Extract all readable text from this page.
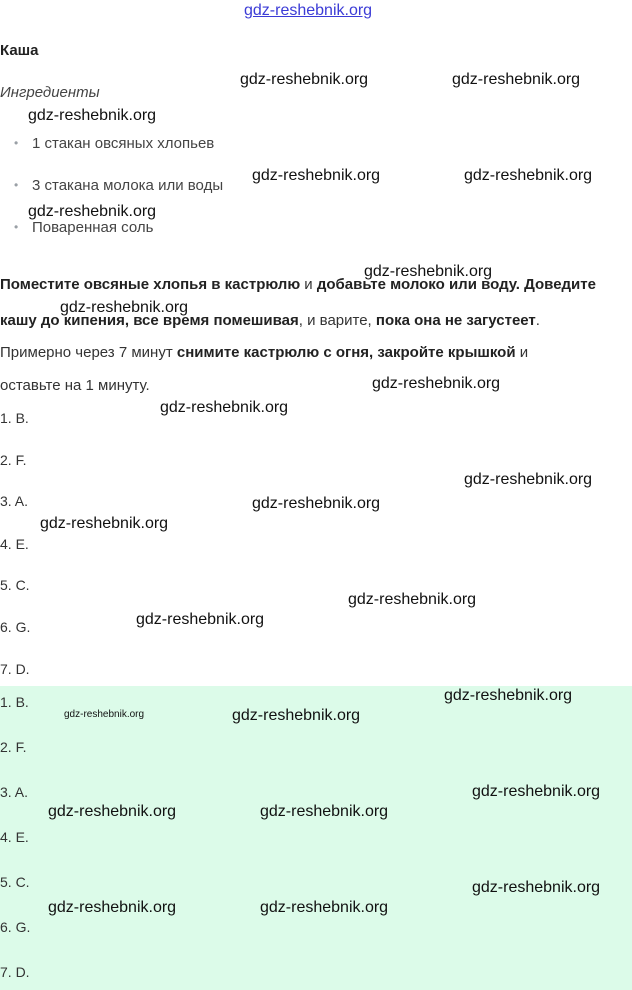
gdz-reshebnik.org
Каша
Ингредиенты
• 1 стакан овсяных хлопьев
• 3 стакана молока или воды
• Поваренная соль
Поместите овсяные хлопья в кастрюлю и добавьте молоко или воду. Доведите
кашу до кипения, все время помешивая, и варите, пока она не загустеет.
Примерно через 7 минут снимите кастрюлю с огня, закройте крышкой и
оставьте на 1 минуту.
1. B.
2. F.
3. A.
4. E.
5. C.
6. G.
7. D.
1. B.
2. F.
3. A.
4. E.
5. C.
6. G.
7. D.
gdz-reshebnik.org	gdz-reshebnik.org
gdz-reshebnik.org
gdz-reshebnik.org	gdz-reshebnik.org
gdz-reshebnik.org
gdz-reshebnik.org
gdz-reshebnik.org
gdz-reshebnik.org
gdz-reshebnik.org
gdz-reshebnik.org
gdz-reshebnik.org
gdz-reshebnik.org
gdz-reshebnik.org
gdz-reshebnik.org
gdz-reshebnik.org
gdz-reshebnik.org	gdz-reshebnik.org
gdz-reshebnik.org
gdz-reshebnik.org	gdz-reshebnik.org
gdz-reshebnik.org
gdz-reshebnik.org	gdz-reshebnik.org
